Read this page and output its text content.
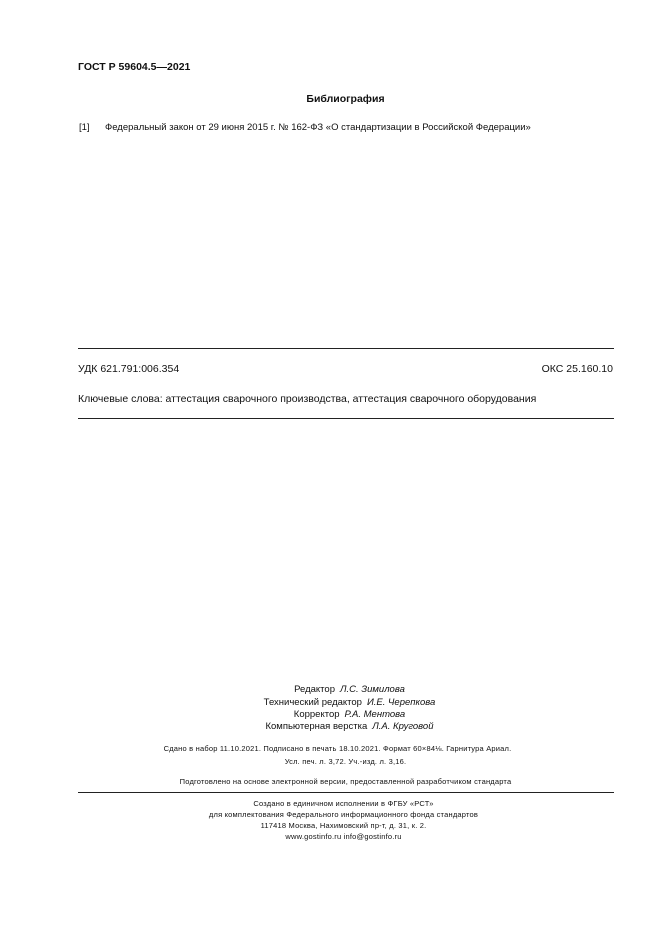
ГОСТ Р 59604.5—2021
Библиография
[1] Федеральный закон от 29 июня 2015 г. № 162-ФЗ «О стандартизации в Российской Федерации»
УДК 621.791:006.354	ОКС 25.160.10
Ключевые слова: аттестация сварочного производства, аттестация сварочного оборудования
Редактор Л.С. Зимилова
Технический редактор И.Е. Черепкова
Корректор Р.А. Ментова
Компьютерная верстка Л.А. Круговой
Сдано в набор 11.10.2021. Подписано в печать 18.10.2021. Формат 60×84⅛. Гарнитура Ариал.
Усл. печ. л. 3,72. Уч.-изд. л. 3,16.
Подготовлено на основе электронной версии, предоставленной разработчиком стандарта
Создано в единичном исполнении в ФГБУ «РСТ»
для комплектования Федерального информационного фонда стандартов
117418 Москва, Нахимовский пр-т, д. 31, к. 2.
www.gostinfo.ru info@gostinfo.ru
